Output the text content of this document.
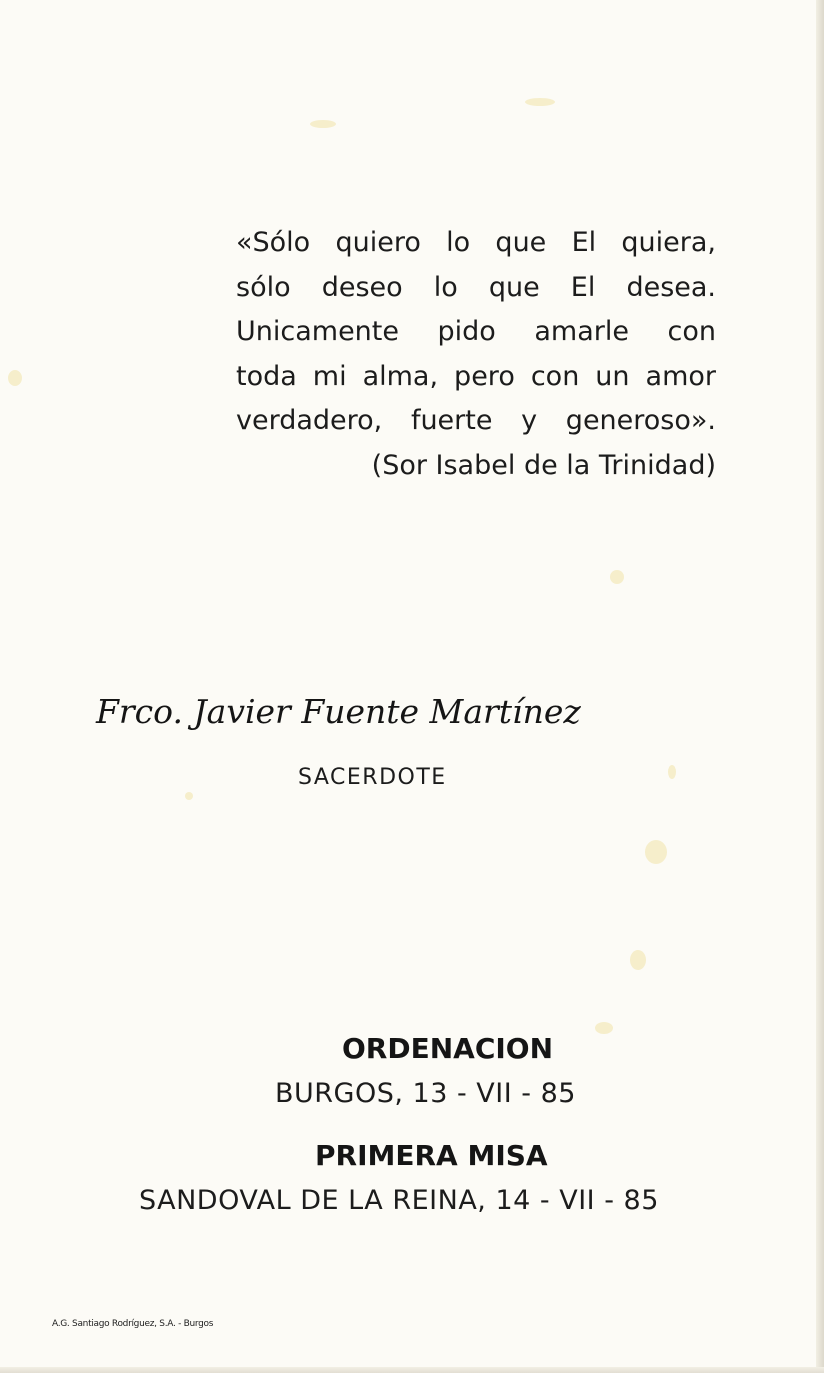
«Sólo quiero lo que El quiera,
sólo deseo lo que El desea.
Unicamente pido amarle con
toda mi alma, pero con un amor
verdadero, fuerte y generoso».
(Sor Isabel de la Trinidad)
Frco. Javier Fuente Martínez
SACERDOTE
ORDENACION
BURGOS, 13 - VII - 85
PRIMERA MISA
SANDOVAL DE LA REINA, 14 - VII - 85
A.G. Santiago Rodríguez, S.A. - Burgos
